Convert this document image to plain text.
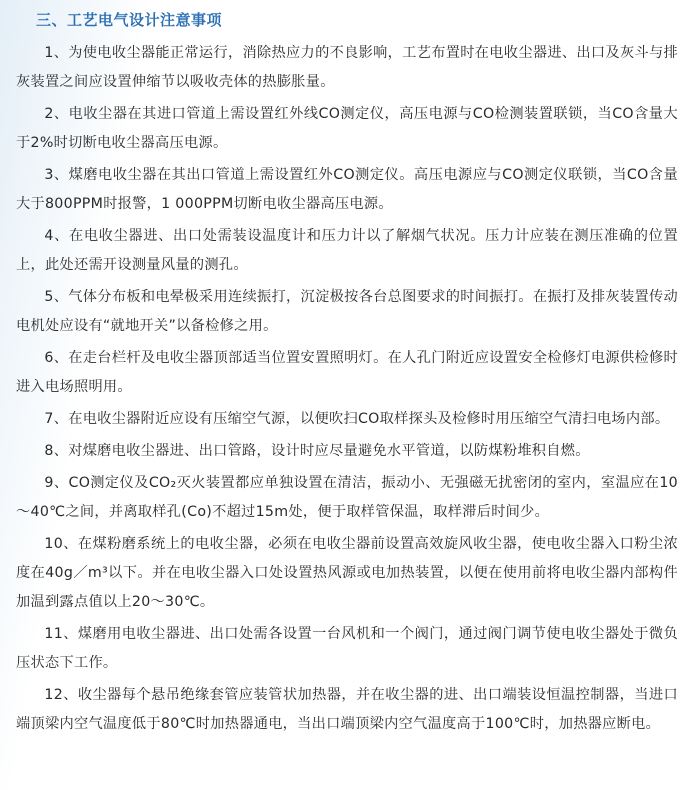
三、工艺电气设计注意事项

1、为使电收尘器能正常运行，消除热应力的不良影响，工艺布置时在电收尘器进、出口及灰斗与排灰装置之间应设置伸缩节以吸收壳体的热膨胀量。

2、电收尘器在其进口管道上需设置红外线CO测定仪，高压电源与CO检测装置联锁，当CO含量大于2%时切断电收尘器高压电源。

3、煤磨电收尘器在其出口管道上需设置红外CO测定仪。高压电源应与CO测定仪联锁，当CO含量大于800PPM时报警，1 000PPM切断电收尘器高压电源。

4、在电收尘器进、出口处需装设温度计和压力计以了解烟气状况。压力计应装在测压准确的位置上，此处还需开设测量风量的测孔。

5、气体分布板和电晕极采用连续振打，沉淀极按各台总图要求的时间振打。在振打及排灰装置传动电机处应设有“就地开关”以备检修之用。

6、在走台栏杆及电收尘器顶部适当位置安置照明灯。在人孔门附近应设置安全检修灯电源供检修时进入电场照明用。

7、在电收尘器附近应设有压缩空气源，以便吹扫CO取样探头及检修时用压缩空气清扫电场内部。

8、对煤磨电收尘器进、出口管路，设计时应尽量避免水平管道，以防煤粉堆积自燃。

9、CO测定仪及CO₂灭火装置都应单独设置在清洁，振动小、无强磁无扰密闭的室内，室温应在10～40℃之间，并离取样孔(Co)不超过15m处，便于取样管保温，取样滞后时间少。

10、在煤粉磨系统上的电收尘器，必须在电收尘器前设置高效旋风收尘器，使电收尘器入口粉尘浓度在40g／m³以下。并在电收尘器入口处设置热风源或电加热装置，以便在使用前将电收尘器内部构件加温到露点值以上20～30℃。

11、煤磨用电收尘器进、出口处需各设置一台风机和一个阀门，通过阀门调节使电收尘器处于微负压状态下工作。

12、收尘器每个悬吊绝缘套管应装管状加热器，并在收尘器的进、出口端装设恒温控制器，当进口端顶梁内空气温度低于80℃时加热器通电，当出口端顶梁内空气温度高于100℃时，加热器应断电。
